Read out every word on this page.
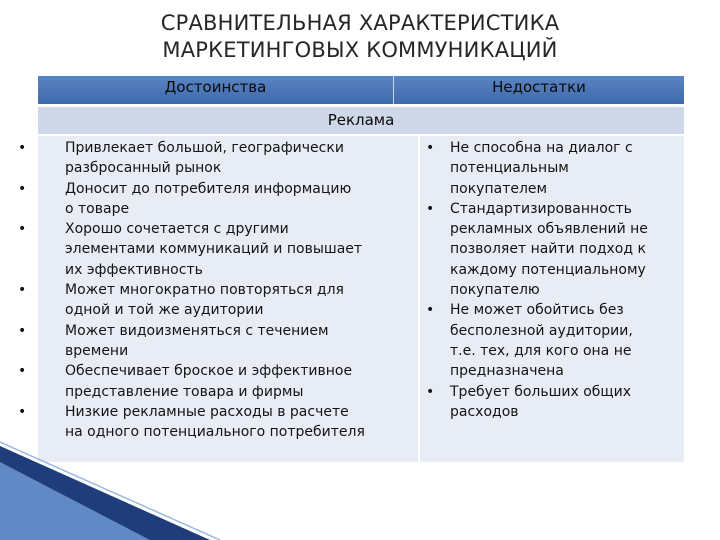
СРАВНИТЕЛЬНАЯ ХАРАКТЕРИСТИКА
МАРКЕТИНГОВЫХ КОММУНИКАЦИЙ
Достоинства	Недостатки
Реклама
•	Привлекает большой, географически
разбросанный рынок
•	Доносит до потребителя информацию
о товаре
•	Хорошо сочетается с другими
элементами коммуникаций и повышает
их эффективность
•	Может многократно повторяться для
одной и той же аудитории
•	Может видоизменяться с течением
времени
•	Обеспечивает броское и эффективное
представление товара и фирмы
•	Низкие рекламные расходы в расчете
на одного потенциального потребителя
• Не способна на диалог с
потенциальным
покупателем
• Стандартизированность
рекламных объявлений не
позволяет найти подход к
каждому потенциальному
покупателю
• Не может обойтись без
бесполезной аудитории,
т.е. тех, для кого она не
предназначена
• Требует больших общих
расходов
